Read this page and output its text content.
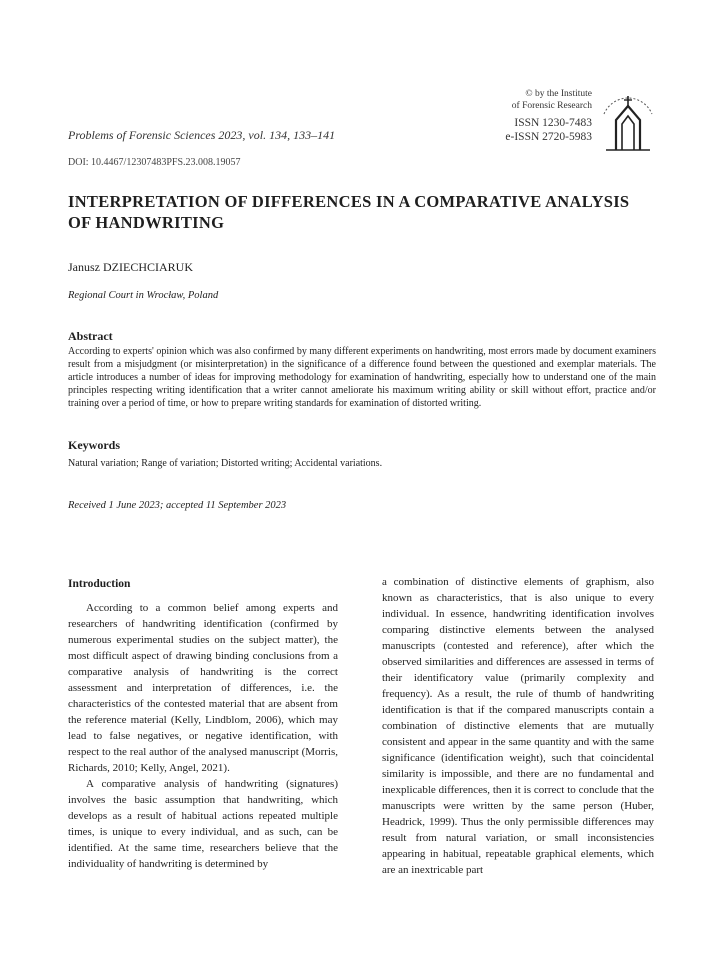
Problems of Forensic Sciences 2023, vol. 134, 133–141
© by the Institute
of Forensic Research
ISSN 1230-7483
e-ISSN 2720-5983
DOI: 10.4467/12307483PFS.23.008.19057
INTERPRETATION OF DIFFERENCES IN A COMPARATIVE ANALYSIS OF HANDWRITING
Janusz DZIECHCIARUK
Regional Court in Wrocław, Poland
Abstract
According to experts' opinion which was also confirmed by many different experiments on handwriting, most errors made by document examiners result from a misjudgment (or misinterpretation) in the significance of a difference found between the questioned and exemplar materials. The article introduces a number of ideas for improving methodology for examination of handwriting, especially how to understand one of the main principles respecting writing identification that a writer cannot ameliorate his maximum writing ability or skill without effort, practice and/or training over a period of time, or how to prepare writing standards for examination of distorted writing.
Keywords
Natural variation; Range of variation; Distorted writing; Accidental variations.
Received 1 June 2023; accepted 11 September 2023
Introduction

According to a common belief among experts and researchers of handwriting identification (confirmed by numerous experimental studies on the subject matter), the most difficult aspect of drawing binding conclusions from a comparative analysis of handwriting is the correct assessment and interpretation of differences, i.e. the characteristics of the contested material that are absent from the reference material (Kelly, Lindblom, 2006), which may lead to false negatives, or negative identification, with respect to the real author of the analysed manuscript (Morris, Richards, 2010; Kelly, Angel, 2021).

A comparative analysis of handwriting (signatures) involves the basic assumption that handwriting, which develops as a result of habitual actions repeated multiple times, is unique to every individual, and as such, can be identified. At the same time, researchers believe that the individuality of handwriting is determined by

a combination of distinctive elements of graphism, also known as characteristics, that is also unique to every individual. In essence, handwriting identification involves comparing distinctive elements between the analysed manuscripts (contested and reference), after which the observed similarities and differences are assessed in terms of their identificatory value (primarily complexity and frequency). As a result, the rule of thumb of handwriting identification is that if the compared manuscripts contain a combination of distinctive elements that are mutually consistent and appear in the same quantity and with the same significance (identification weight), such that coincidental similarity is impossible, and there are no fundamental and inexplicable differences, then it is correct to conclude that the manuscripts were written by the same person (Huber, Headrick, 1999). Thus the only permissible differences may result from natural variation, or small inconsistencies appearing in habitual, repeatable graphical elements, which are an inextricable part
